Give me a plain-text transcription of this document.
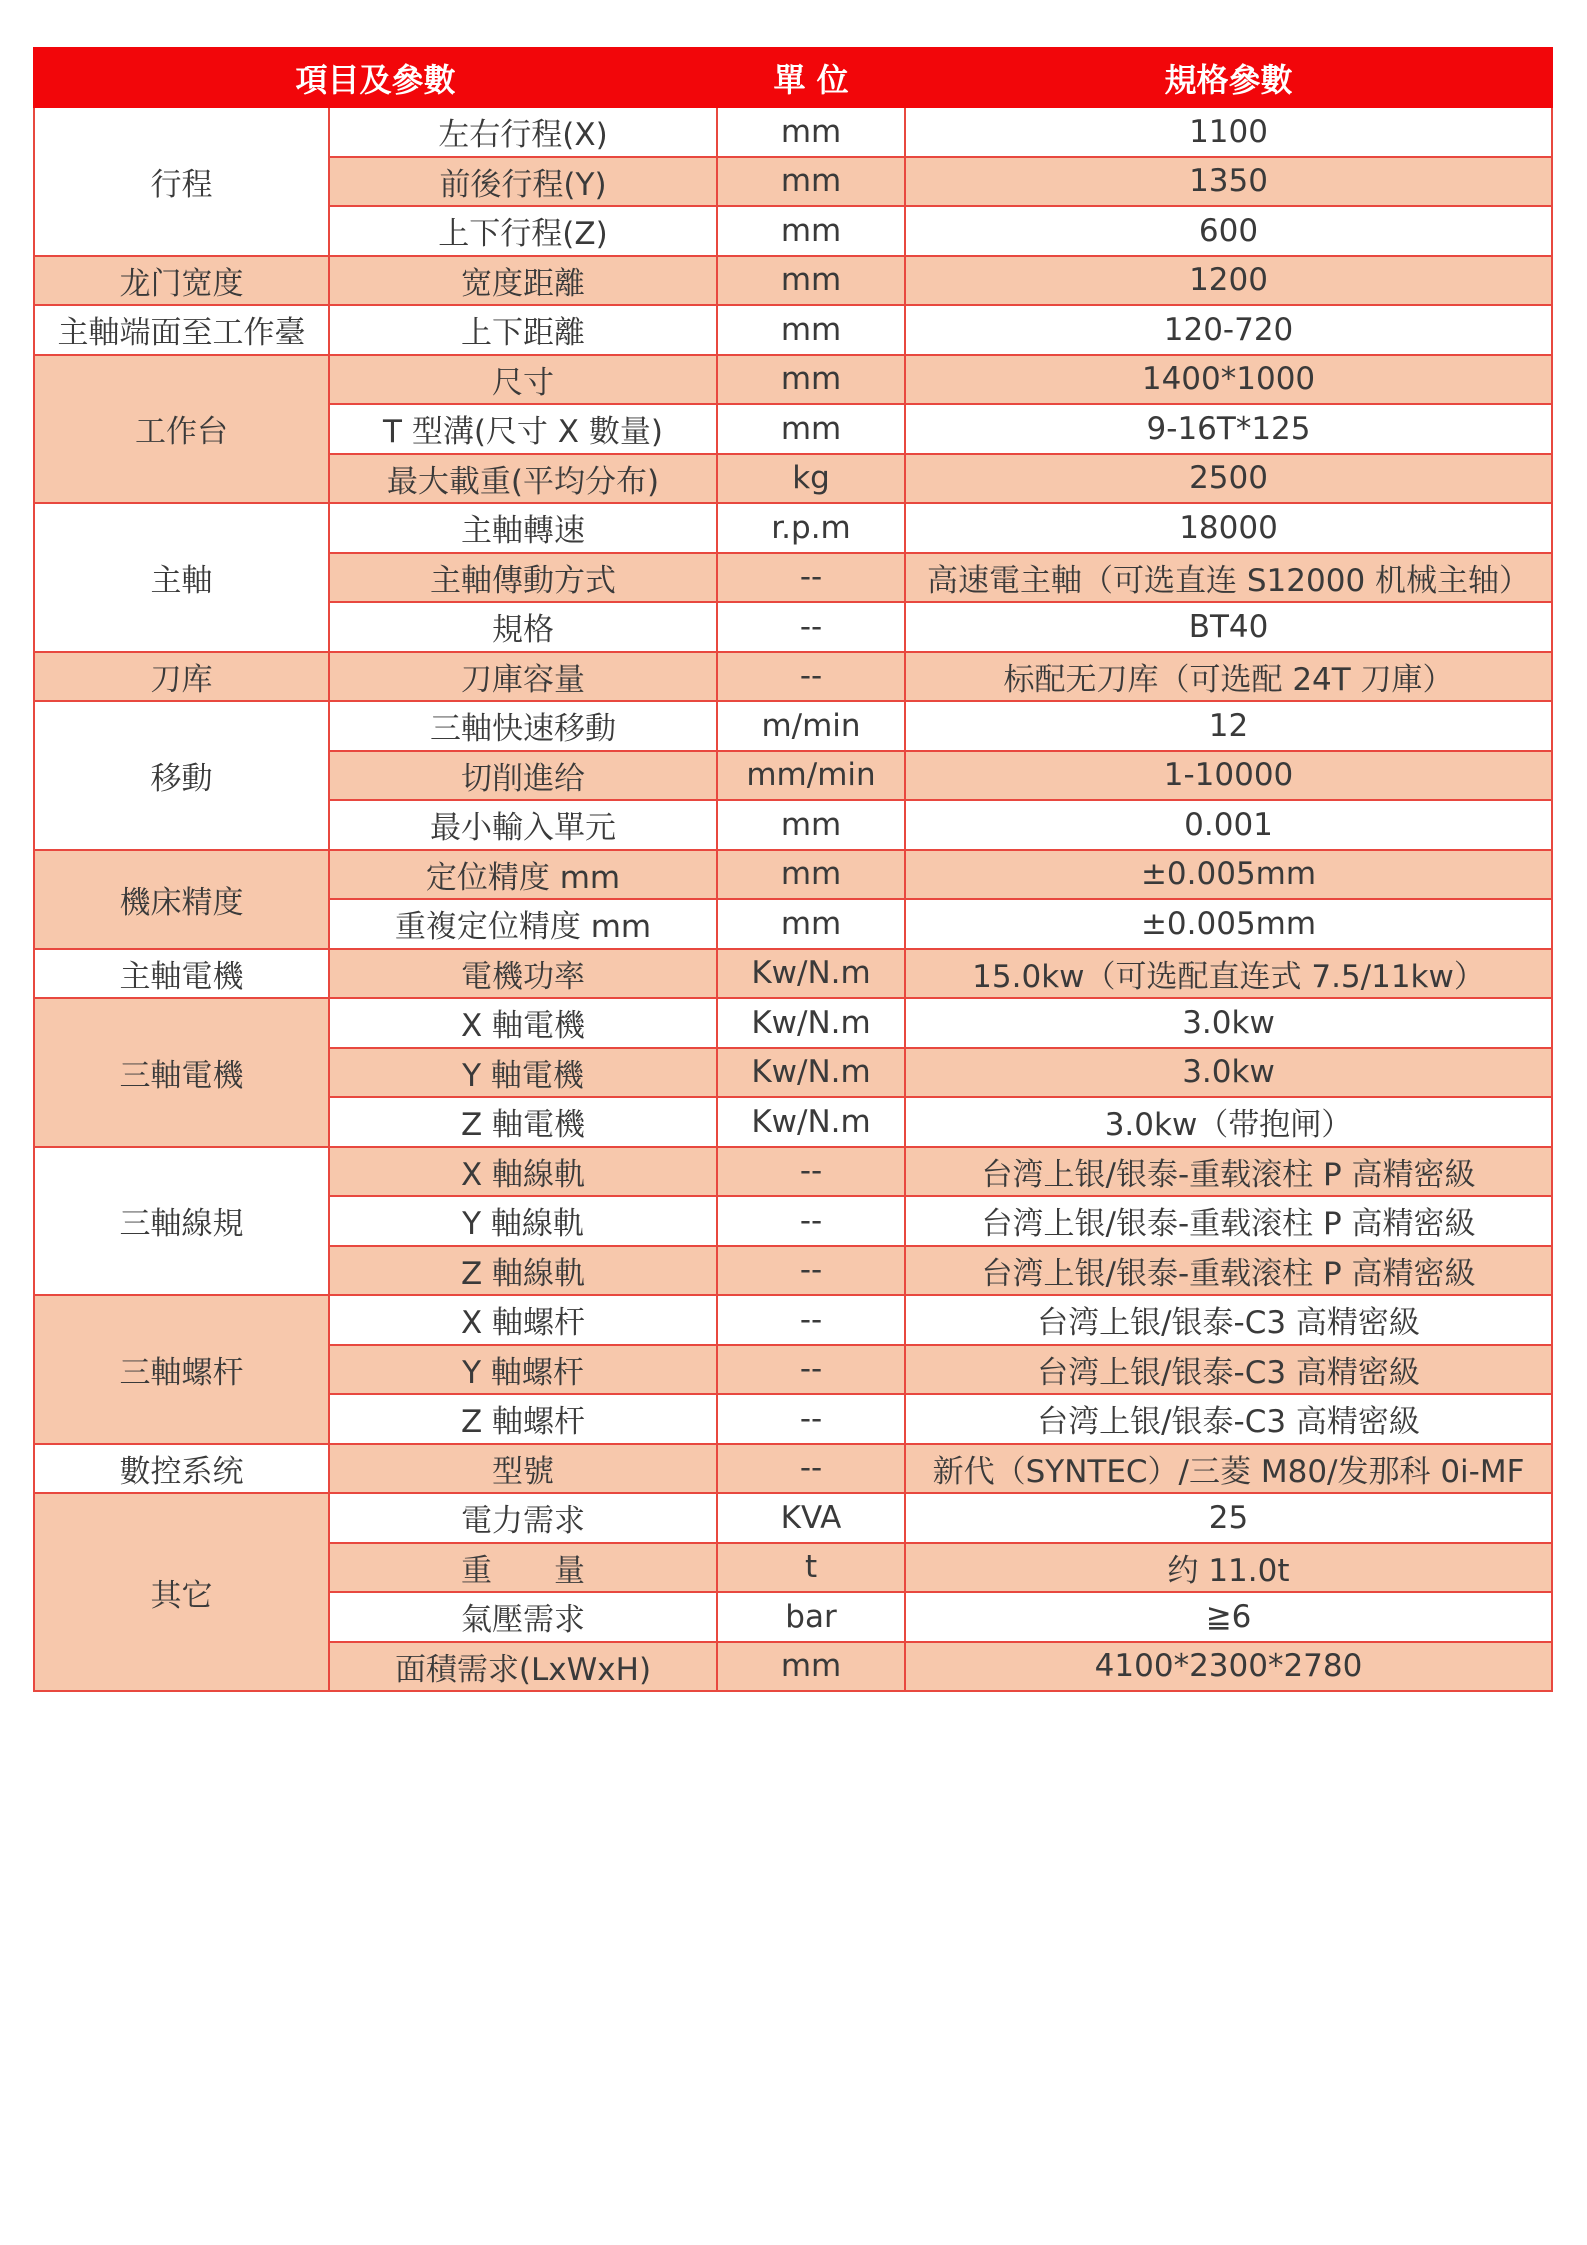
項目及參數		單 位	規格參數
行程	左右行程(X)	mm	1100
	前後行程(Y)	mm	1350
	上下行程(Z)	mm	600
龙门宽度	宽度距離	mm	1200
主軸端面至工作臺	上下距離	mm	120-720
工作台	尺寸	mm	1400*1000
	T 型溝(尺寸 X 數量)	mm	9-16T*125
	最大載重(平均分布)	kg	2500
主軸	主軸轉速	r.p.m	18000
	主軸傳動方式	--	高速電主軸（可选直连 S12000 机械主轴）
	規格	--	BT40
刀库	刀庫容量	--	标配无刀库（可选配 24T 刀庫）
移動	三軸快速移動	m/min	12
	切削進给	mm/min	1-10000
	最小輸入單元	mm	0.001
機床精度	定位精度 mm	mm	±0.005mm
	重複定位精度 mm	mm	±0.005mm
主軸電機	電機功率	Kw/N.m	15.0kw（可选配直连式 7.5/11kw）
三軸電機	X 軸電機	Kw/N.m	3.0kw
	Y 軸電機	Kw/N.m	3.0kw
	Z 軸電機	Kw/N.m	3.0kw（带抱闸）
三軸線規	X 軸線軌	--	台湾上银/银泰-重载滚柱 P 高精密級
	Y 軸線軌	--	台湾上银/银泰-重载滚柱 P 高精密級
	Z 軸線軌	--	台湾上银/银泰-重载滚柱 P 高精密級
三軸螺杆	X 軸螺杆	--	台湾上银/银泰-C3 高精密級
	Y 軸螺杆	--	台湾上银/银泰-C3 高精密級
	Z 軸螺杆	--	台湾上银/银泰-C3 高精密級
數控系统	型號	--	新代（SYNTEC）/三菱 M80/发那科 0i-MF
其它	電力需求	KVA	25
	重　　量	t	约 11.0t
	氣壓需求	bar	≧6
	面積需求(LxWxH)	mm	4100*2300*2780
